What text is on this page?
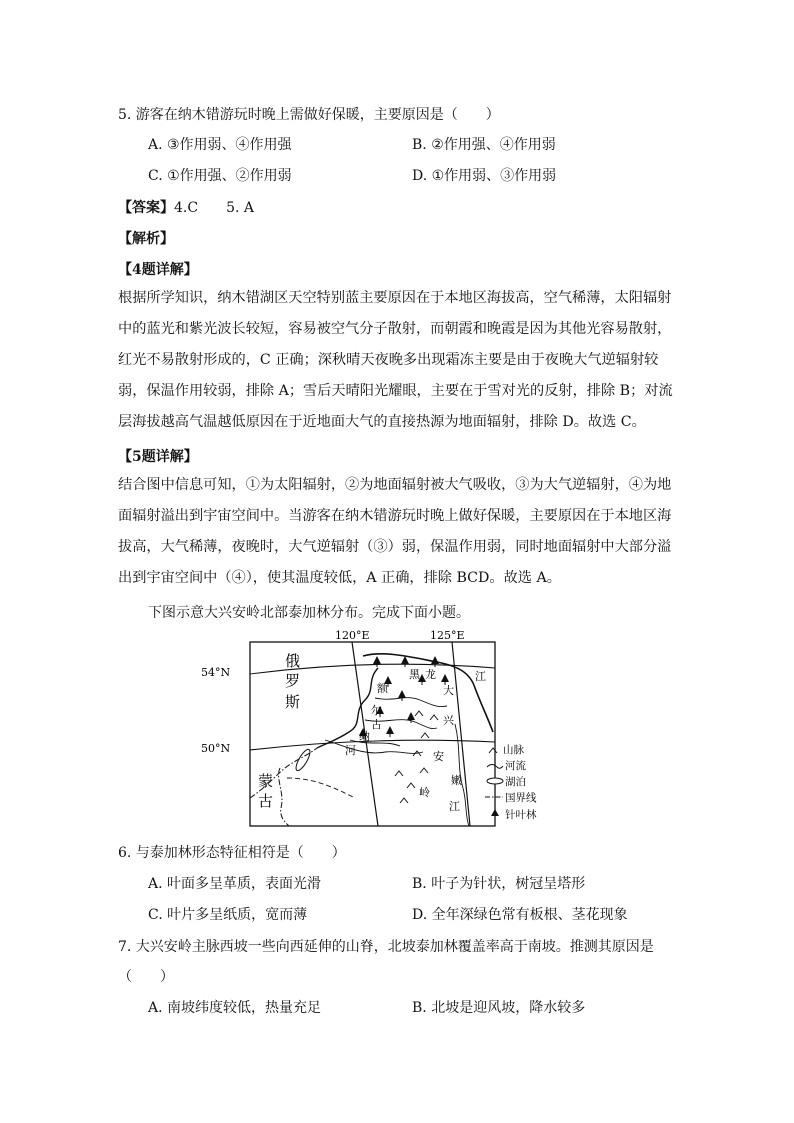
5. 游客在纳木错游玩时晚上需做好保暖，主要原因是（　　）
A. ③作用弱、④作用强	B. ②作用强、④作用弱
C. ①作用强、②作用弱	D. ①作用弱、③作用弱
【答案】4.C　　5. A
【解析】
【4题详解】
根据所学知识，纳木错湖区天空特别蓝主要原因在于本地区海拔高，空气稀薄，太阳辐射
中的蓝光和紫光波长较短，容易被空气分子散射，而朝霞和晚霞是因为其他光容易散射，
红光不易散射形成的，C 正确；深秋晴天夜晚多出现霜冻主要是由于夜晚大气逆辐射较
弱，保温作用较弱，排除 A；雪后天晴阳光耀眼，主要在于雪对光的反射，排除 B；对流
层海拔越高气温越低原因在于近地面大气的直接热源为地面辐射，排除 D。故选 C。
【5题详解】
结合图中信息可知，①为太阳辐射，②为地面辐射被大气吸收，③为大气逆辐射，④为地
面辐射溢出到宇宙空间中。当游客在纳木错游玩时晚上做好保暖，主要原因在于本地区海
拔高，大气稀薄，夜晚时，大气逆辐射（③）弱，保温作用弱，同时地面辐射中大部分溢
出到宇宙空间中（④），使其温度较低，A 正确，排除 BCD。故选 A。
下图示意大兴安岭北部泰加林分布。完成下面小题。
120°E	125°E
54°N
50°N
俄
罗
斯
蒙
古
黑 龙	江
额
尔
古
纳
河
大
兴
安
岭
嫩
江
山脉
河流
湖泊
国界线
针叶林
6. 与泰加林形态特征相符是（　　）
A. 叶面多呈革质，表面光滑	B. 叶子为针状，树冠呈塔形
C. 叶片多呈纸质，宽而薄	D. 全年深绿色常有板根、茎花现象
7. 大兴安岭主脉西坡一些向西延伸的山脊，北坡泰加林覆盖率高于南坡。推测其原因是
（　　）
A. 南坡纬度较低，热量充足	B. 北坡是迎风坡，降水较多
